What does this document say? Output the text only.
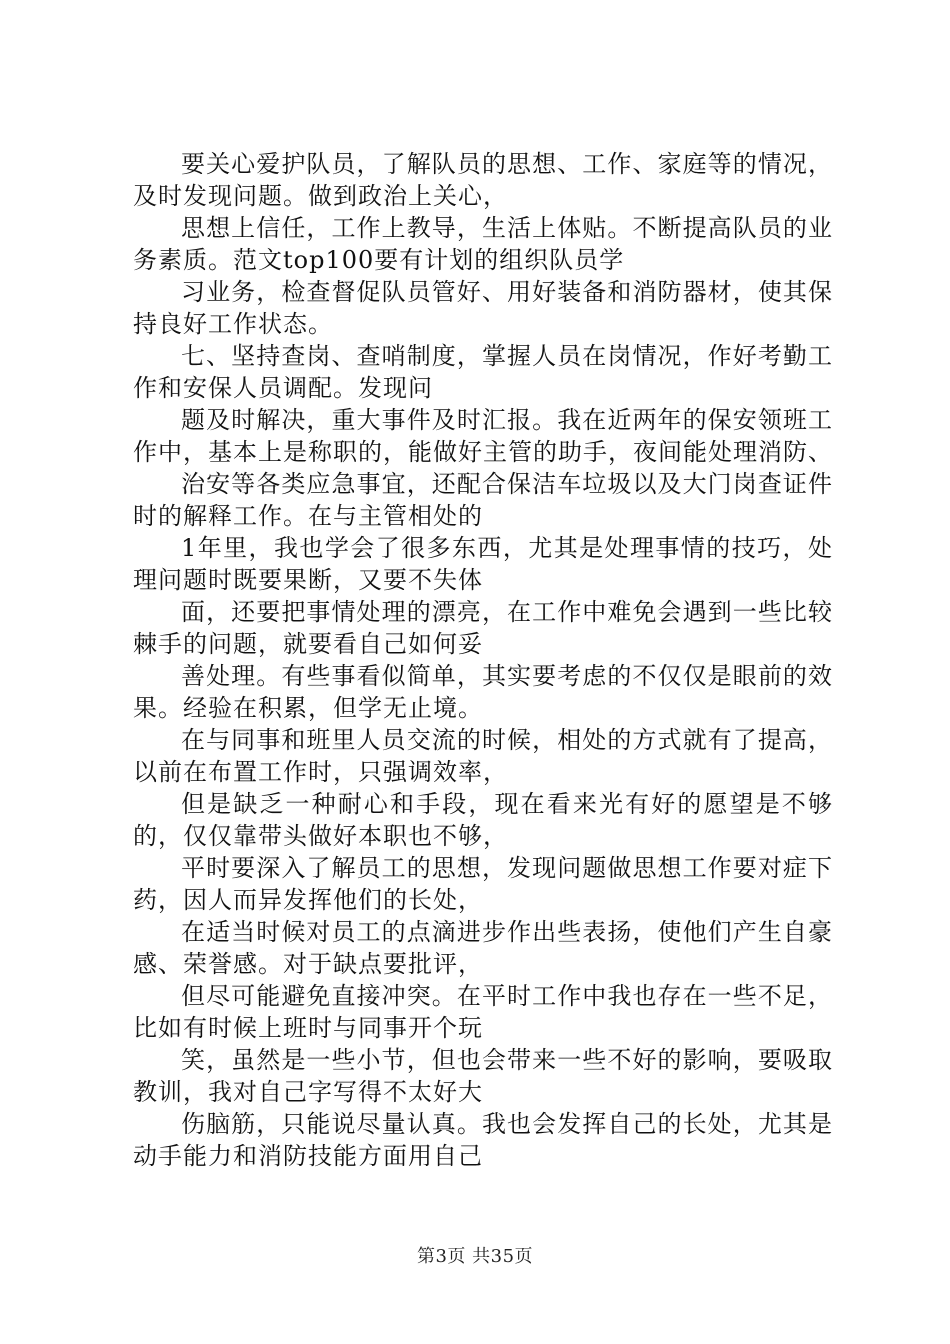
要关心爱护队员，了解队员的思想、工作、家庭等的情况，及时发现问题。做到政治上关心，

思想上信任，工作上教导，生活上体贴。不断提高队员的业务素质。范文top100要有计划的组织队员学

习业务，检查督促队员管好、用好装备和消防器材，使其保持良好工作状态。

七、坚持查岗、查哨制度，掌握人员在岗情况，作好考勤工作和安保人员调配。发现问

题及时解决，重大事件及时汇报。我在近两年的保安领班工作中，基本上是称职的，能做好主管的助手，夜间能处理消防、

治安等各类应急事宜，还配合保洁车垃圾以及大门岗查证件时的解释工作。在与主管相处的

1年里，我也学会了很多东西，尤其是处理事情的技巧，处理问题时既要果断，又要不失体

面，还要把事情处理的漂亮，在工作中难免会遇到一些比较棘手的问题，就要看自己如何妥

善处理。有些事看似简单，其实要考虑的不仅仅是眼前的效果。经验在积累，但学无止境。

在与同事和班里人员交流的时候，相处的方式就有了提高，以前在布置工作时，只强调效率，

但是缺乏一种耐心和手段，现在看来光有好的愿望是不够的，仅仅靠带头做好本职也不够，

平时要深入了解员工的思想，发现问题做思想工作要对症下药，因人而异发挥他们的长处，

在适当时候对员工的点滴进步作出些表扬，使他们产生自豪感、荣誉感。对于缺点要批评，

但尽可能避免直接冲突。在平时工作中我也存在一些不足，比如有时候上班时与同事开个玩

笑，虽然是一些小节，但也会带来一些不好的影响，要吸取教训，我对自己字写得不太好大

伤脑筋，只能说尽量认真。我也会发挥自己的长处，尤其是动手能力和消防技能方面用自己

第3页 共35页
